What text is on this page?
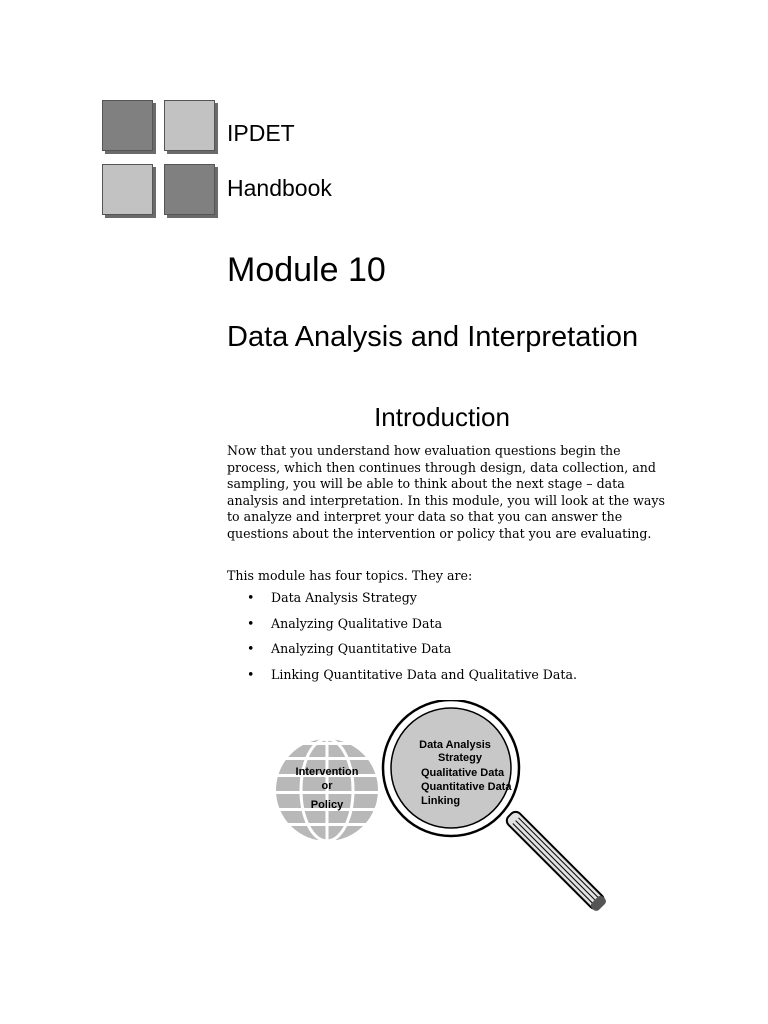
IPDET
Handbook
Module 10
Data Analysis and Interpretation
Introduction

Now that you understand how evaluation questions begin the process, which then continues through design, data collection, and sampling, you will be able to think about the next stage – data analysis and interpretation. In this module, you will look at the ways to analyze and interpret your data so that you can answer the questions about the intervention or policy that you are evaluating.

This module has four topics. They are:

• Data Analysis Strategy
• Analyzing Qualitative Data
• Analyzing Quantitative Data
• Linking Quantitative Data and Qualitative Data.
Intervention
or
Policy
Data Analysis
Strategy
Qualitative Data
Quantitative Data
Linking
